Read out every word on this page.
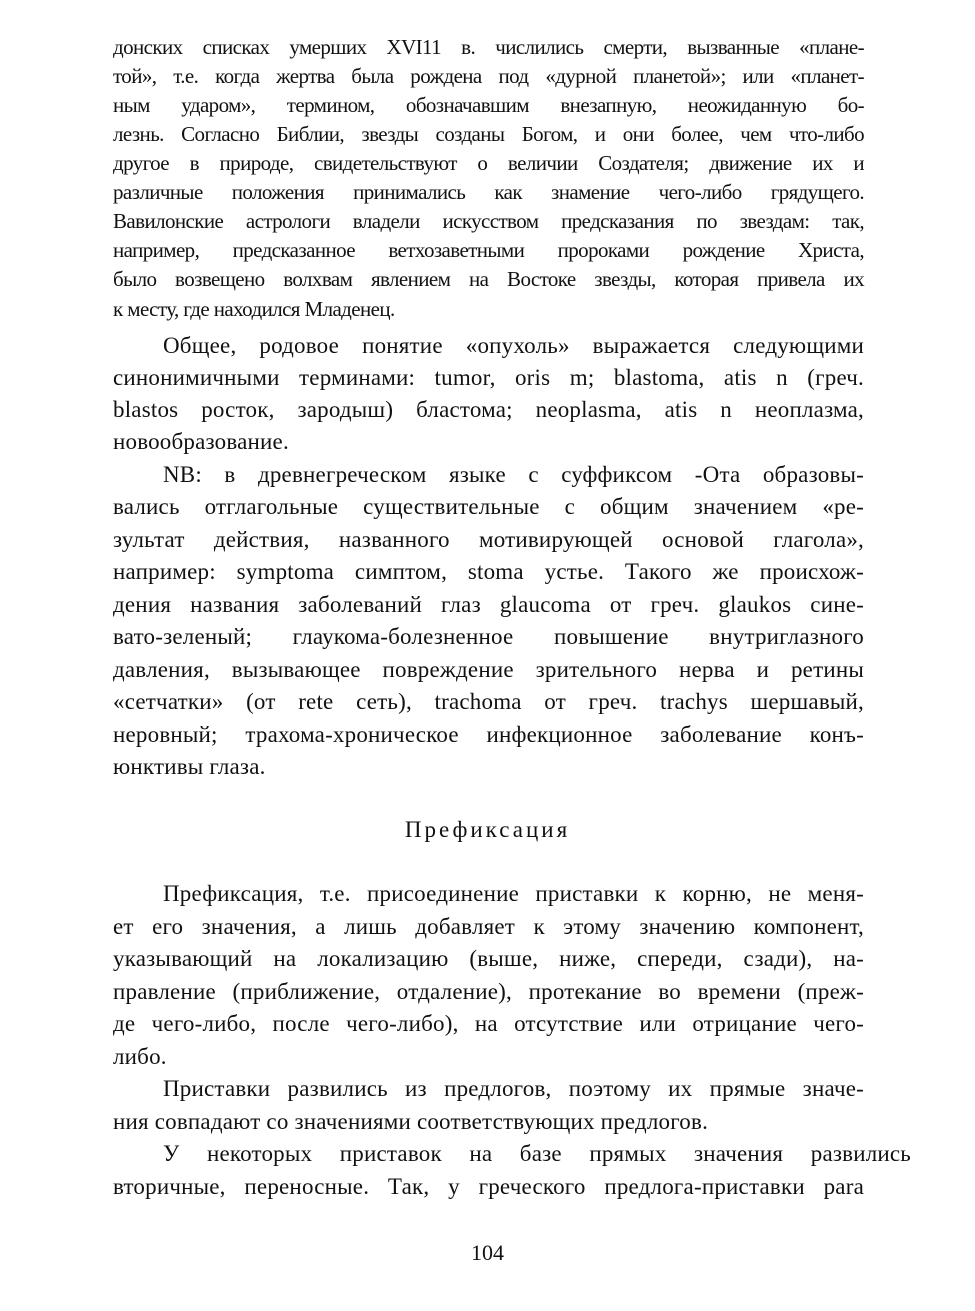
донских списках умерших XVI11 в. числились смерти, вызванные «плане-
той», т.е. когда жертва была рождена под «дурной планетой»; или «планет-
ным ударом», термином, обозначавшим внезапную, неожиданную бо-
лезнь. Согласно Библии, звезды созданы Богом, и они более, чем что-либо
другое в природе, свидетельствуют о величии Создателя; движение их и
различные положения принимались как знамение чего-либо грядущего.
Вавилонские астрологи владели искусством предсказания по звездам: так,
например, предсказанное ветхозаветными пророками рождение Христа,
было возвещено волхвам явлением на Востоке звезды, которая привела их
к месту, где находился Младенец.
Общее, родовое понятие «опухоль» выражается следующими
синонимичными терминами: tumor, oris m; blastoma, atis n (греч.
blastos росток, зародыш) бластома; neoplasma, atis n неоплазма,
новообразование.
NB: в древнегреческом языке с суффиксом -Ота образовы-
вались отглагольные существительные с общим значением «ре-
зультат действия, названного мотивирующей основой глагола»,
например: symptoma симптом, stoma устье. Такого же происхож-
дения названия заболеваний глаз glaucoma от греч. glaukos сине-
вато-зеленый; глаукома-болезненное повышение внутриглазного
давления, вызывающее повреждение зрительного нерва и ретины
«сетчатки» (от rete сеть), trachoma от греч. trachys шершавый,
неровный; трахома-хроническое инфекционное заболевание конъ-
юнктивы глаза.
Префиксация
Префиксация, т.е. присоединение приставки к корню, не меня-
ет его значения, а лишь добавляет к этому значению компонент,
указывающий на локализацию (выше, ниже, спереди, сзади), на-
правление (приближение, отдаление), протекание во времени (преж-
де чего-либо, после чего-либо), на отсутствие или отрицание чего-
либо.
Приставки развились из предлогов, поэтому их прямые значе-
ния совпадают со значениями соответствующих предлогов.
У некоторых приставок на базе прямых значения развились
вторичные, переносные. Так, у греческого предлога-приставки para
104
